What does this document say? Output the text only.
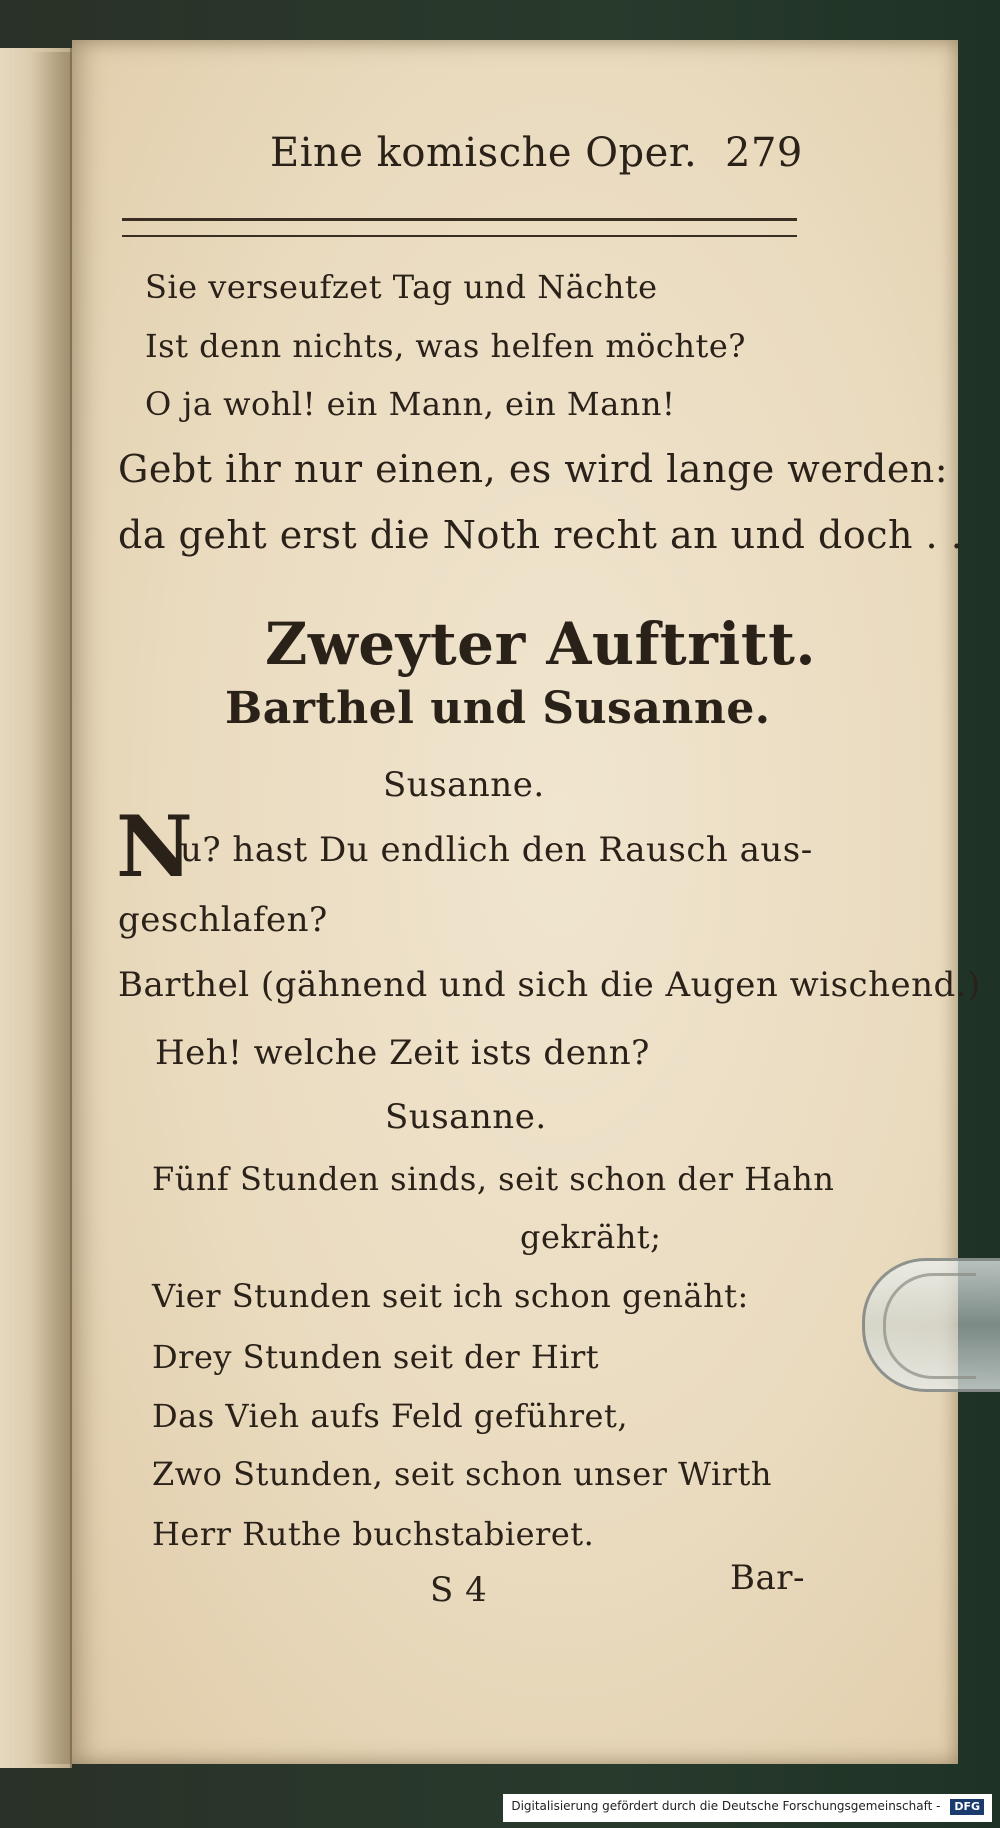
Eine komische Oper. 279
Sie verseufzet Tag und Nächte
Ist denn nichts, was helfen möchte?
O ja wohl! ein Mann, ein Mann!
Gebt ihr nur einen, es wird lange werden:
da geht erst die Noth recht an und doch . .
Zweyter Auftritt.
Barthel und Susanne.
Susanne.
N
u? hast Du endlich den Rausch aus-
geschlafen?
Barthel (gähnend und sich die Augen wischend.)
Heh! welche Zeit ists denn?
Susanne.
Fünf Stunden sinds, seit schon der Hahn
gekräht;
Vier Stunden seit ich schon genäht:
Drey Stunden seit der Hirt
Das Vieh aufs Feld geführet,
Zwo Stunden, seit schon unser Wirth
Herr Ruthe buchstabieret.
S 4	Bar-
Digitalisierung gefördert durch die Deutsche Forschungsgemeinschaft - DFG
